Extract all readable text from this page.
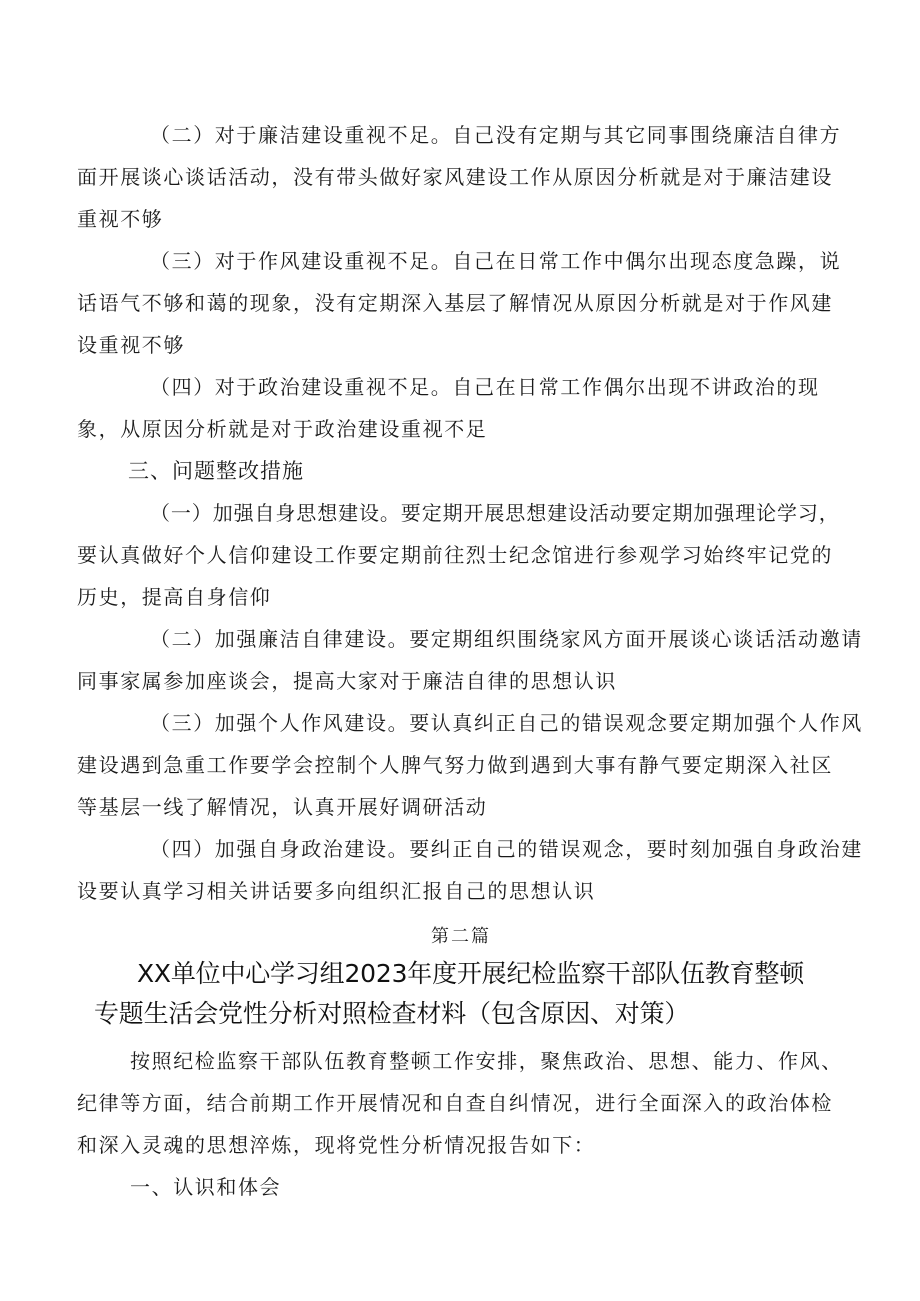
（二）对于廉洁建设重视不足。自己没有定期与其它同事围绕廉洁自律方
面开展谈心谈话活动，没有带头做好家风建设工作从原因分析就是对于廉洁建设
重视不够
（三）对于作风建设重视不足。自己在日常工作中偶尔出现态度急躁，说
话语气不够和蔼的现象，没有定期深入基层了解情况从原因分析就是对于作风建
设重视不够
（四）对于政治建设重视不足。自己在日常工作偶尔出现不讲政治的现
象，从原因分析就是对于政治建设重视不足
三、问题整改措施
（一）加强自身思想建设。要定期开展思想建设活动要定期加强理论学习，
要认真做好个人信仰建设工作要定期前往烈士纪念馆进行参观学习始终牢记党的
历史，提高自身信仰
（二）加强廉洁自律建设。要定期组织围绕家风方面开展谈心谈话活动邀请
同事家属参加座谈会，提高大家对于廉洁自律的思想认识
（三）加强个人作风建设。要认真纠正自己的错误观念要定期加强个人作风
建设遇到急重工作要学会控制个人脾气努力做到遇到大事有静气要定期深入社区
等基层一线了解情况，认真开展好调研活动
（四）加强自身政治建设。要纠正自己的错误观念，要时刻加强自身政治建
设要认真学习相关讲话要多向组织汇报自己的思想认识
第二篇
XX单位中心学习组2023年度开展纪检监察干部队伍教育整顿
专题生活会党性分析对照检查材料（包含原因、对策）
按照纪检监察干部队伍教育整顿工作安排，聚焦政治、思想、能力、作风、
纪律等方面，结合前期工作开展情况和自查自纠情况，进行全面深入的政治体检
和深入灵魂的思想淬炼，现将党性分析情况报告如下：
一、认识和体会
